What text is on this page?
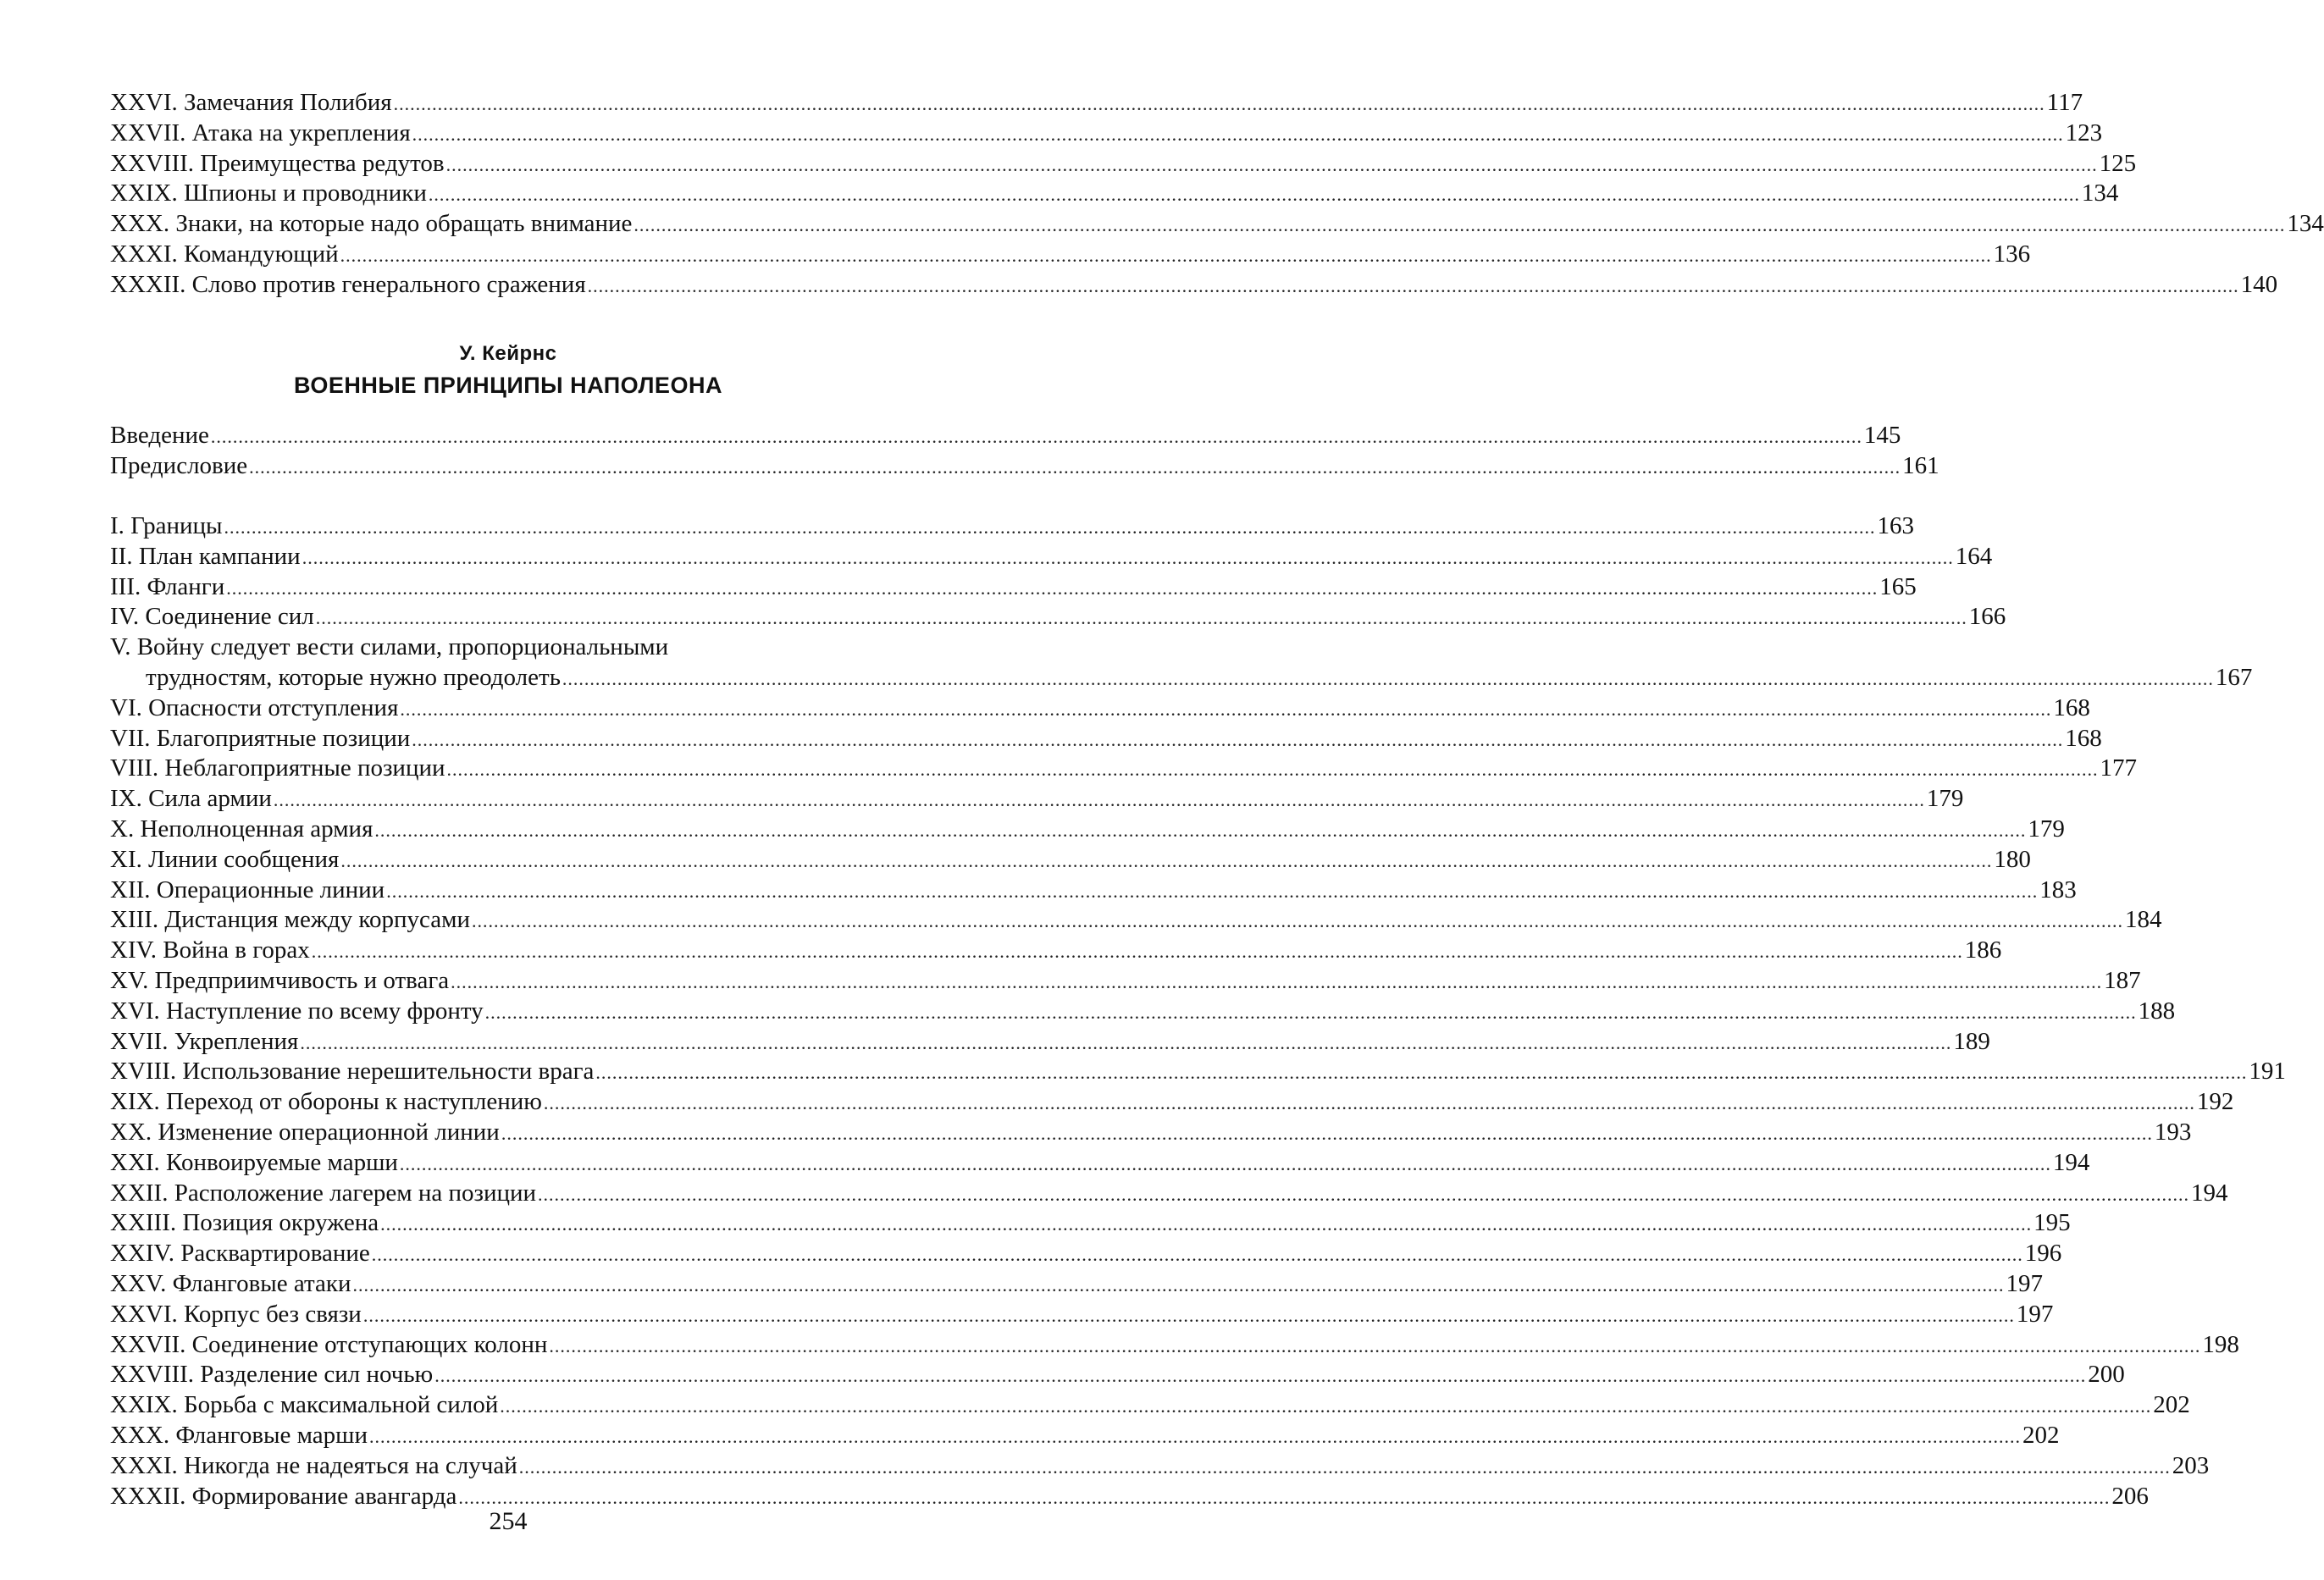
XXVI. Замечания Полибия ............................................................................................................................................................................................................................................................................................................ 117
XXVII. Атака на укрепления ............................................................................................................................................................................................................................................................................................................ 123
XXVIII. Преимущества редутов ............................................................................................................................................................................................................................................................................................................ 125
XXIX. Шпионы и проводники ............................................................................................................................................................................................................................................................................................................ 134
XXX. Знаки, на которые надо обращать внимание ............................................................................................................................................................................................................................................................................................................ 134
XXXI. Командующий ............................................................................................................................................................................................................................................................................................................ 136
XXXII. Слово против генерального сражения ............................................................................................................................................................................................................................................................................................................ 140
У. Кейрнс
ВОЕННЫЕ ПРИНЦИПЫ НАПОЛЕОНА
Введение ............................................................................................................................................................................................................................................................................................................ 145
Предисловие ............................................................................................................................................................................................................................................................................................................ 161
I. Границы ............................................................................................................................................................................................................................................................................................................ 163
II. План кампании ............................................................................................................................................................................................................................................................................................................ 164
III. Фланги ............................................................................................................................................................................................................................................................................................................ 165
IV. Соединение сил ............................................................................................................................................................................................................................................................................................................ 166
V. Войну следует вести силами, пропорциональными
трудностям, которые нужно преодолеть ............................................................................................................................................................................................................................................................................................................ 167
VI. Опасности отступления ............................................................................................................................................................................................................................................................................................................ 168
VII. Благоприятные позиции ............................................................................................................................................................................................................................................................................................................ 168
VIII. Неблагоприятные позиции ............................................................................................................................................................................................................................................................................................................ 177
IX. Сила армии ............................................................................................................................................................................................................................................................................................................ 179
X. Неполноценная армия ............................................................................................................................................................................................................................................................................................................ 179
XI. Линии сообщения ............................................................................................................................................................................................................................................................................................................ 180
XII. Операционные линии ............................................................................................................................................................................................................................................................................................................ 183
XIII. Дистанция между корпусами ............................................................................................................................................................................................................................................................................................................ 184
XIV. Война в горах ............................................................................................................................................................................................................................................................................................................ 186
XV. Предприимчивость и отвага ............................................................................................................................................................................................................................................................................................................ 187
XVI. Наступление по всему фронту ............................................................................................................................................................................................................................................................................................................ 188
XVII. Укрепления ............................................................................................................................................................................................................................................................................................................ 189
XVIII. Использование нерешительности врага ............................................................................................................................................................................................................................................................................................................ 191
XIX. Переход от обороны к наступлению ............................................................................................................................................................................................................................................................................................................ 192
XX. Изменение операционной линии ............................................................................................................................................................................................................................................................................................................ 193
XXI. Конвоируемые марши ............................................................................................................................................................................................................................................................................................................ 194
XXII. Расположение лагерем на позиции ............................................................................................................................................................................................................................................................................................................ 194
XXIII. Позиция окружена ............................................................................................................................................................................................................................................................................................................ 195
XXIV. Расквартирование ............................................................................................................................................................................................................................................................................................................ 196
XXV. Фланговые атаки ............................................................................................................................................................................................................................................................................................................ 197
XXVI. Корпус без связи ............................................................................................................................................................................................................................................................................................................ 197
XXVII. Соединение отступающих колонн ............................................................................................................................................................................................................................................................................................................ 198
XXVIII. Разделение сил ночью ............................................................................................................................................................................................................................................................................................................ 200
XXIX. Борьба с максимальной силой ............................................................................................................................................................................................................................................................................................................ 202
XXX. Фланговые марши ............................................................................................................................................................................................................................................................................................................ 202
XXXI. Никогда не надеяться на случай ............................................................................................................................................................................................................................................................................................................ 203
XXXII. Формирование авангарда ............................................................................................................................................................................................................................................................................................................ 206
254
